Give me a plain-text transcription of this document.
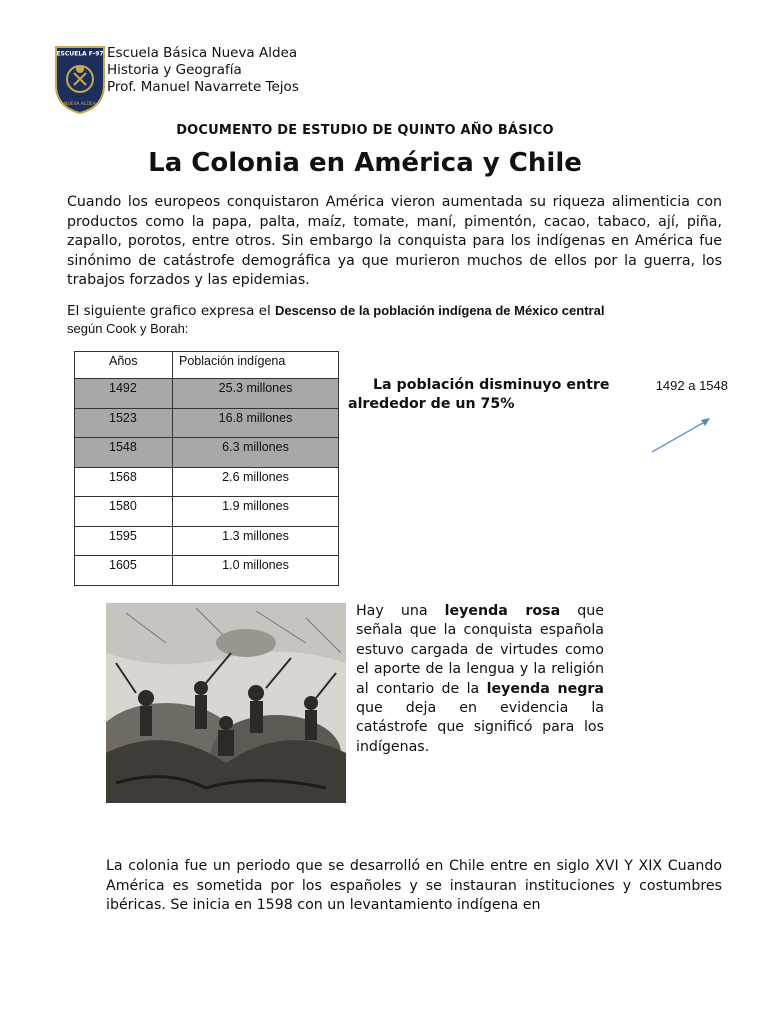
ESCUELA F-97
NUEVA ALDEA
Escuela Básica Nueva Aldea
Historia y Geografía
Prof. Manuel Navarrete Tejos
DOCUMENTO DE ESTUDIO DE QUINTO AÑO BÁSICO
La Colonia en América y Chile
Cuando los europeos conquistaron América vieron aumentada su riqueza alimenticia con productos como la papa, palta, maíz, tomate, maní, pimentón, cacao, tabaco, ají, piña, zapallo, porotos, entre otros. Sin embargo la conquista para los indígenas en América fue sinónimo de catástrofe demográfica ya que murieron muchos de ellos por la guerra, los trabajos forzados y las epidemias.
El siguiente grafico expresa el Descenso de la población indígena de México central
según Cook y Borah:
Años	Población indígena
1492	25.3 millones
1523	16.8 millones
1548	6.3 millones
1568	2.6 millones
1580	1.9 millones
1595	1.3 millones
1605	1.0 millones
1492 a 1548
La población disminuyo entre
alrededor de un 75%
Hay una leyenda rosa que señala que la conquista española estuvo cargada de virtudes como el aporte de la lengua y la religión al contario de la leyenda negra que deja en evidencia la catástrofe que significó para los indígenas.
La colonia fue un periodo que se desarrolló en Chile entre en siglo XVI Y XIX Cuando América es sometida por los españoles y se instauran instituciones y costumbres ibéricas. Se inicia en 1598 con un levantamiento indígena en
